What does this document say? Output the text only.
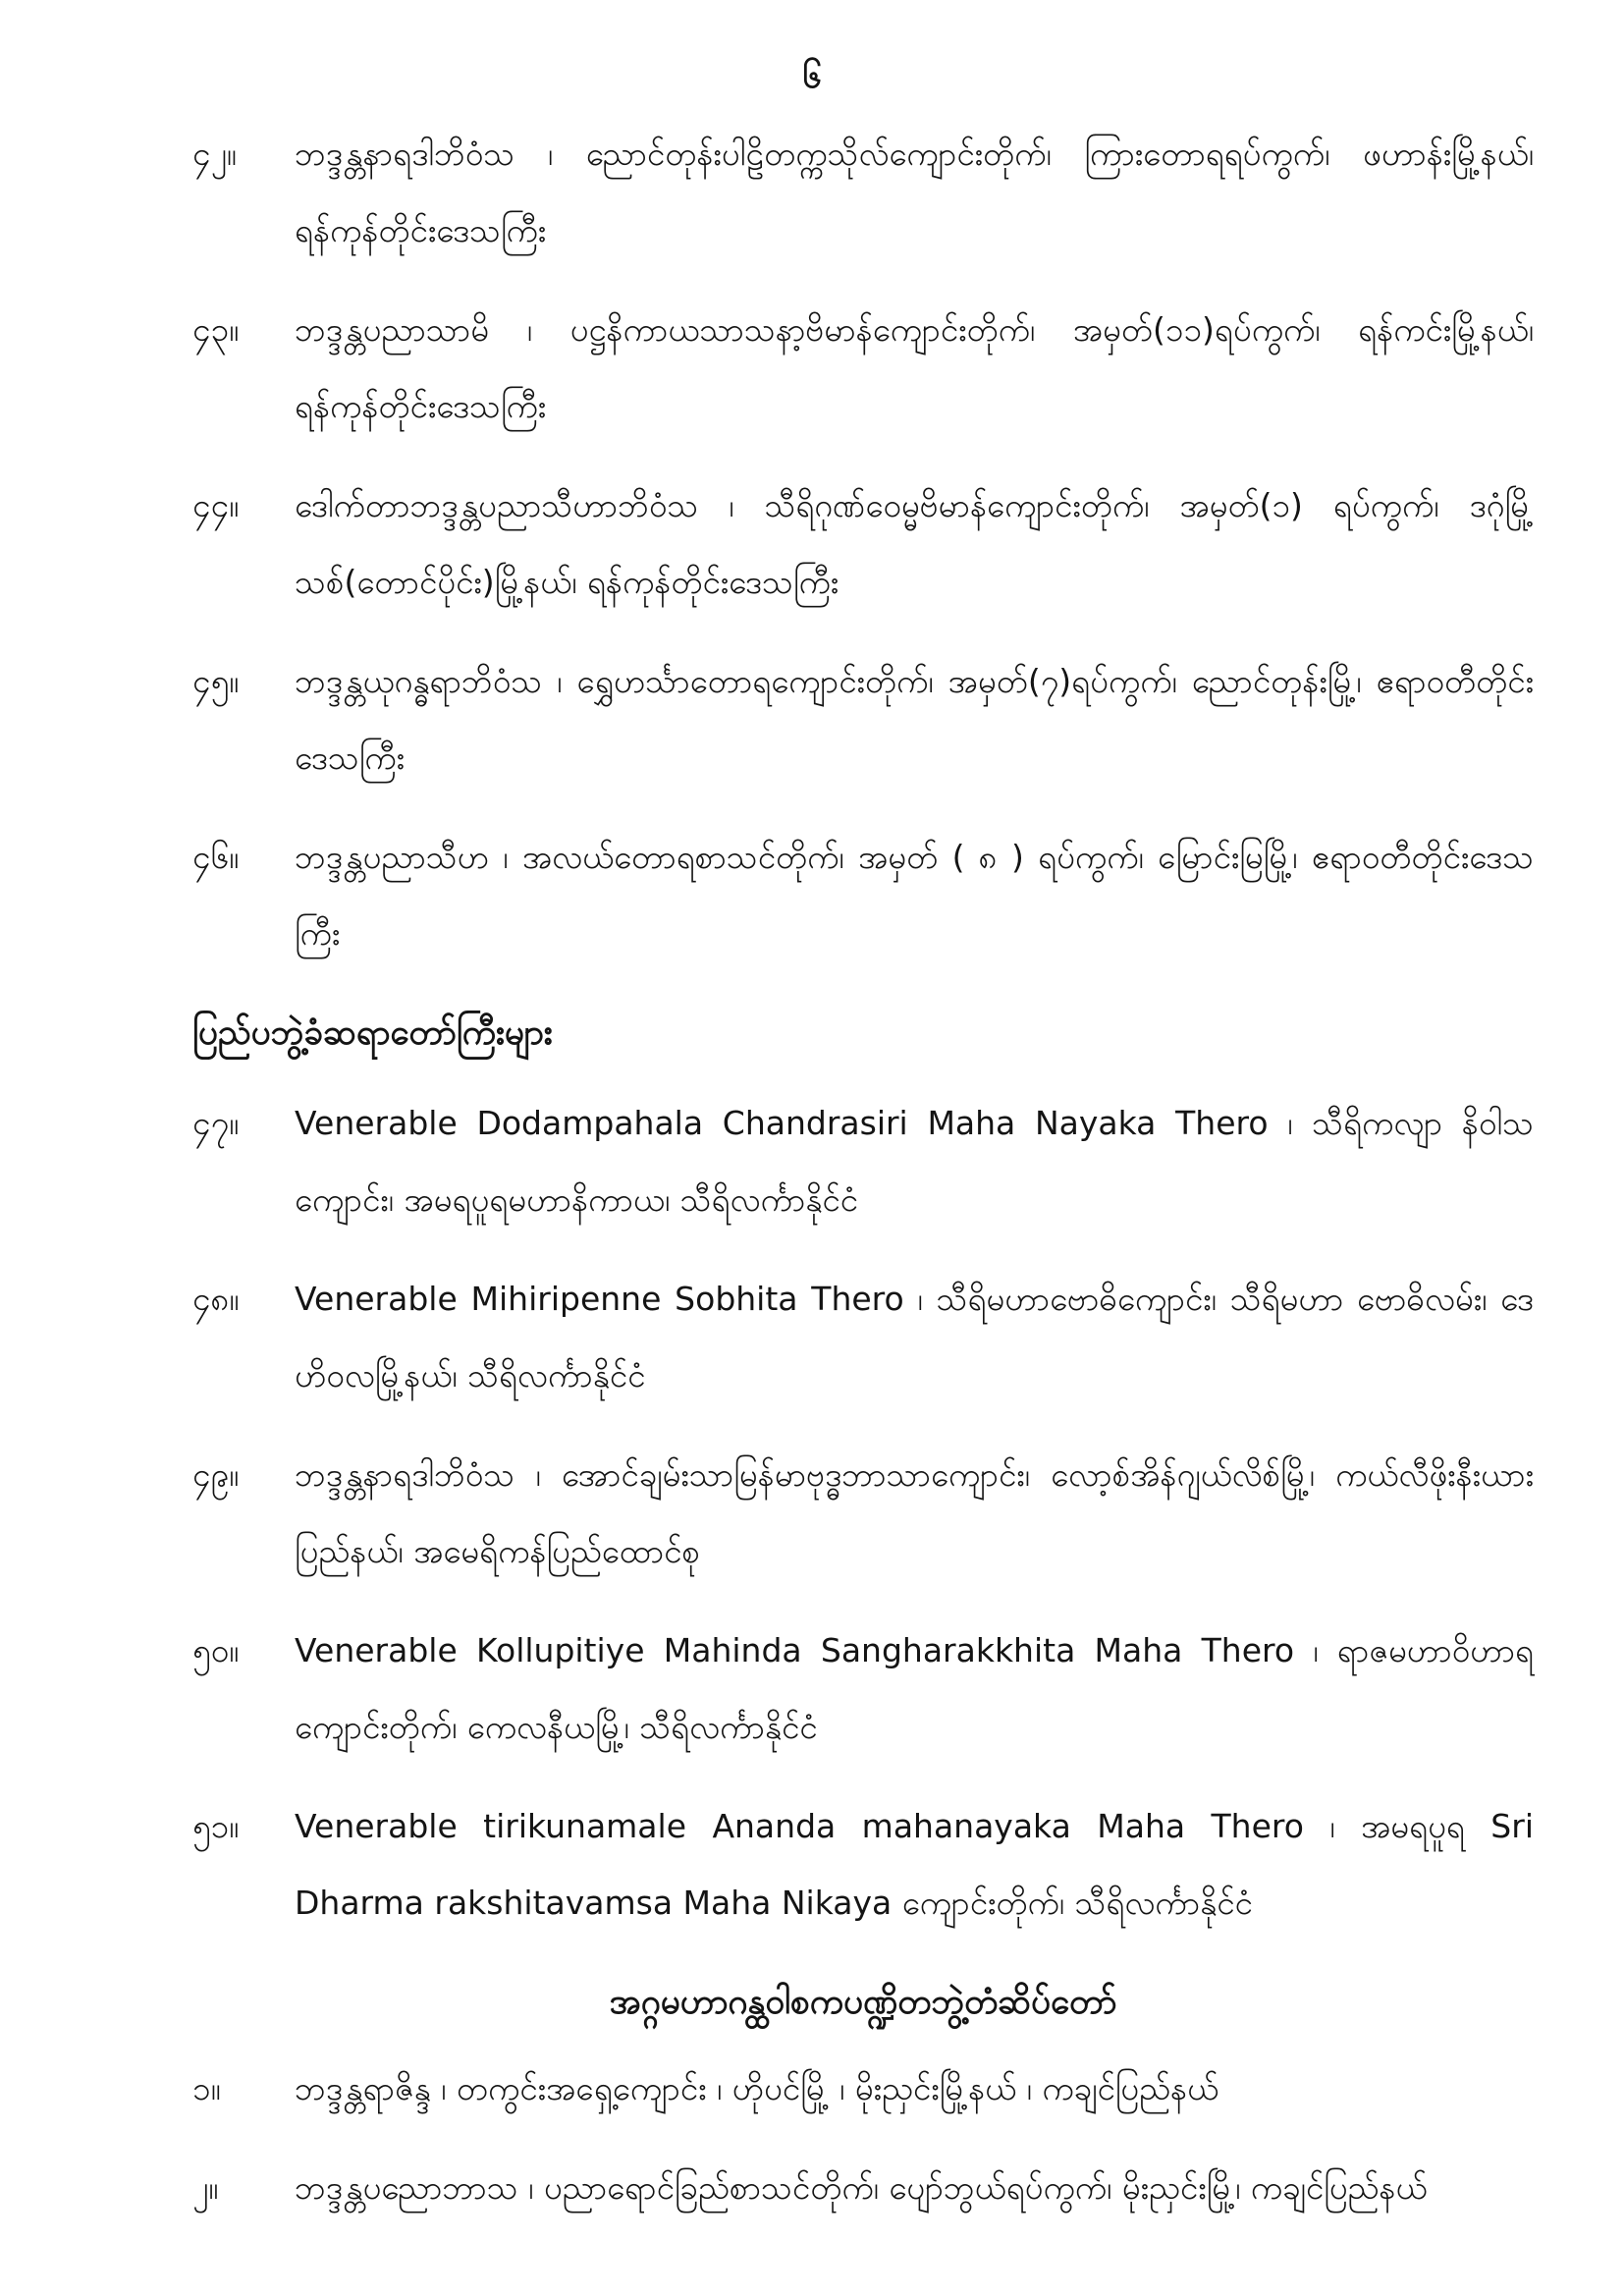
၆
၄၂။	ဘဒ္ဒန္တနာရဒါဘိဝံသ ၊ ညောင်တုန်းပါဠိတက္ကသိုလ်ကျောင်းတိုက်၊ ကြားတောရရပ်ကွက်၊ ဖဟာန်းမြို့နယ်၊ ရန်ကုန်တိုင်းဒေသကြီး
၄၃။	ဘဒ္ဒန္တပညာသာမိ ၊ ပဋ္ဌနိကာယသာသနာ့ဗိမာန်ကျောင်းတိုက်၊ အမှတ်(၁၁)ရပ်ကွက်၊ ရန်ကင်းမြို့နယ်၊ ရန်ကုန်တိုင်းဒေသကြီး
၄၄။	ဒေါက်တာဘဒ္ဒန္တပညာသီဟာဘိဝံသ ၊ သီရိဂုဏ်ဝေမ္မဗိမာန်ကျောင်းတိုက်၊ အမှတ်(၁) ရပ်ကွက်၊ ဒဂုံမြို့သစ်(တောင်ပိုင်း)မြို့နယ်၊ ရန်ကုန်တိုင်းဒေသကြီး
၄၅။	ဘဒ္ဒန္တယုဂန္ဓရာဘိဝံသ ၊ ရွှေဟင်္သာတောရကျောင်းတိုက်၊ အမှတ်(၇)ရပ်ကွက်၊ ညောင်တုန်းမြို့၊ ဧရာဝတီတိုင်းဒေသကြီး
၄၆။	ဘဒ္ဒန္တပညာသီဟ ၊ အလယ်တောရစာသင်တိုက်၊ အမှတ် ( ၈ ) ရပ်ကွက်၊ မြောင်းမြမြို့၊ ဧရာဝတီတိုင်းဒေသကြီး
ပြည်ပဘွဲ့ခံဆရာတော်ကြီးများ
၄၇။	Venerable Dodampahala Chandrasiri Maha Nayaka Thero ၊ သီရိကလျာ နိဝါသကျောင်း၊ အမရပူရမဟာနိကာယ၊ သီရိလင်္ကာနိုင်ငံ
၄၈။	Venerable Mihiripenne Sobhita Thero ၊ သီရိမဟာဗောဓိကျောင်း၊ သီရိမဟာ ဗောဓိလမ်း၊ ဒေဟိဝလမြို့နယ်၊ သီရိလင်္ကာနိုင်ငံ
၄၉။	ဘဒ္ဒန္တနာရဒါဘိဝံသ ၊ အောင်ချမ်းသာမြန်မာဗုဒ္ဓဘာသာကျောင်း၊ လော့စ်အိန်ဂျယ်လိစ်မြို့၊ ကယ်လီဖိုးနီးယားပြည်နယ်၊ အမေရိကန်ပြည်ထောင်စု
၅၀။	Venerable Kollupitiye Mahinda Sangharakkhita Maha Thero ၊ ရာဇမဟာဝိဟာရ ကျောင်းတိုက်၊ ကေလနီယမြို့၊ သီရိလင်္ကာနိုင်ငံ
၅၁။	Venerable tirikunamale Ananda mahanayaka Maha Thero ၊ အမရပူရ Sri Dharma rakshitavamsa Maha Nikaya ကျောင်းတိုက်၊ သီရိလင်္ကာနိုင်ငံ
အဂ္ဂမဟာဂန္ထဝါစကပဏ္ဍိတဘွဲ့တံဆိပ်တော်
၁။	ဘဒ္ဒန္တရာဇိန္ဒ ၊ တကွင်းအရှေ့ကျောင်း ၊ ဟိုပင်မြို့ ၊ မိုးညှင်းမြို့နယ် ၊ ကချင်ပြည်နယ်
၂။	ဘဒ္ဒန္တပညောဘာသ ၊ ပညာရောင်ခြည်စာသင်တိုက်၊ ပျော်ဘွယ်ရပ်ကွက်၊ မိုးညှင်းမြို့၊ ကချင်ပြည်နယ်
